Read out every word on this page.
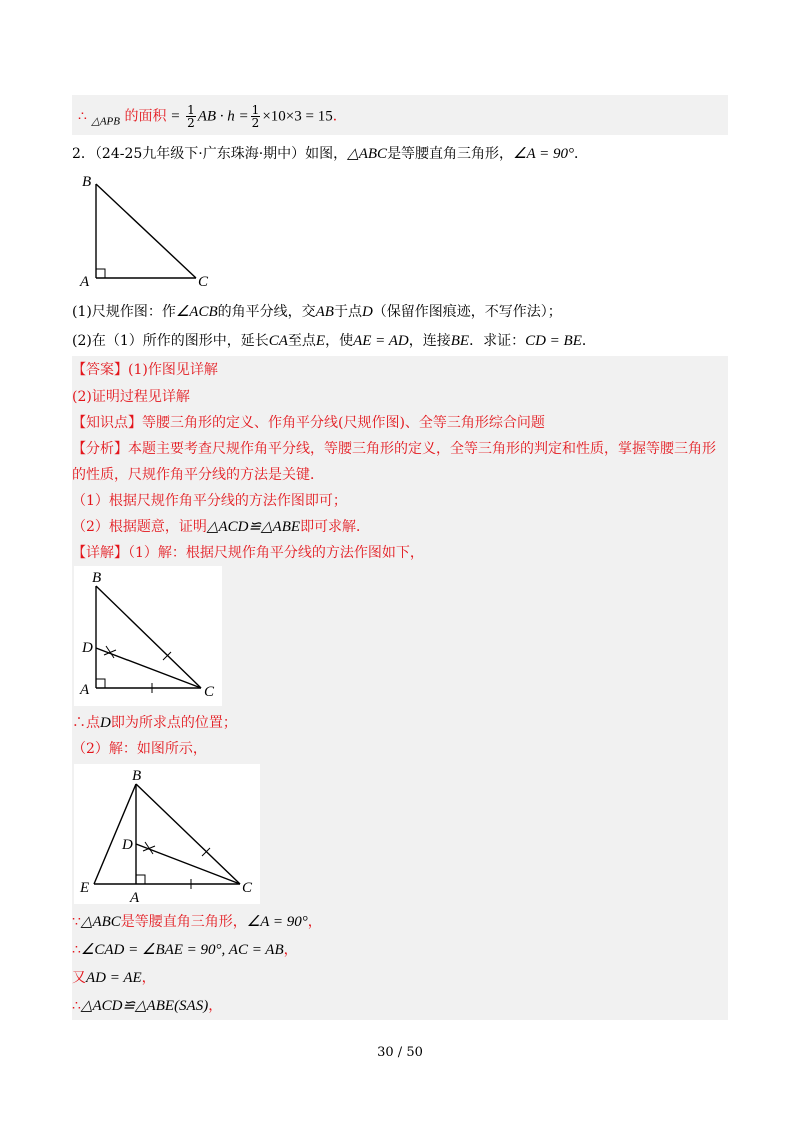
∴ $_{\triangle APB}$ 的面积 = $\frac{1}{2}$ AB · $h = \frac{1}{2} \times 10\times 3 = 15$．
2．（24-25九年级下·广东珠海·期中）如图，△ABC是等腰直角三角形，∠A = 90°．
B
A	C
(1)尺规作图：作∠ACB的角平分线，交AB于点D（保留作图痕迹，不写作法）；
(2)在（1）所作的图形中，延长CA至点E，使AE = AD，连接BE．求证：CD = BE．
【答案】(1)作图见详解
(2)证明过程见详解
【知识点】等腰三角形的定义、作角平分线(尺规作图)、全等三角形综合问题
【分析】本题主要考查尺规作角平分线，等腰三角形的定义，全等三角形的判定和性质，掌握等腰三角形
的性质，尺规作角平分线的方法是关键．
（1）根据尺规作角平分线的方法作图即可；
（2）根据题意，证明△ACD≌△ABE即可求解．
【详解】（1）解：根据尺规作角平分线的方法作图如下，
B
D
A	C
∴点D即为所求点的位置；
（2）解：如图所示，
B
D
E
A
C
∵△ABC是等腰直角三角形，∠A = 90°，
∴∠CAD = ∠BAE = 90°, AC = AB，
又AD = AE，
∴△ACD≌△ABE(SAS)，
30 / 50
